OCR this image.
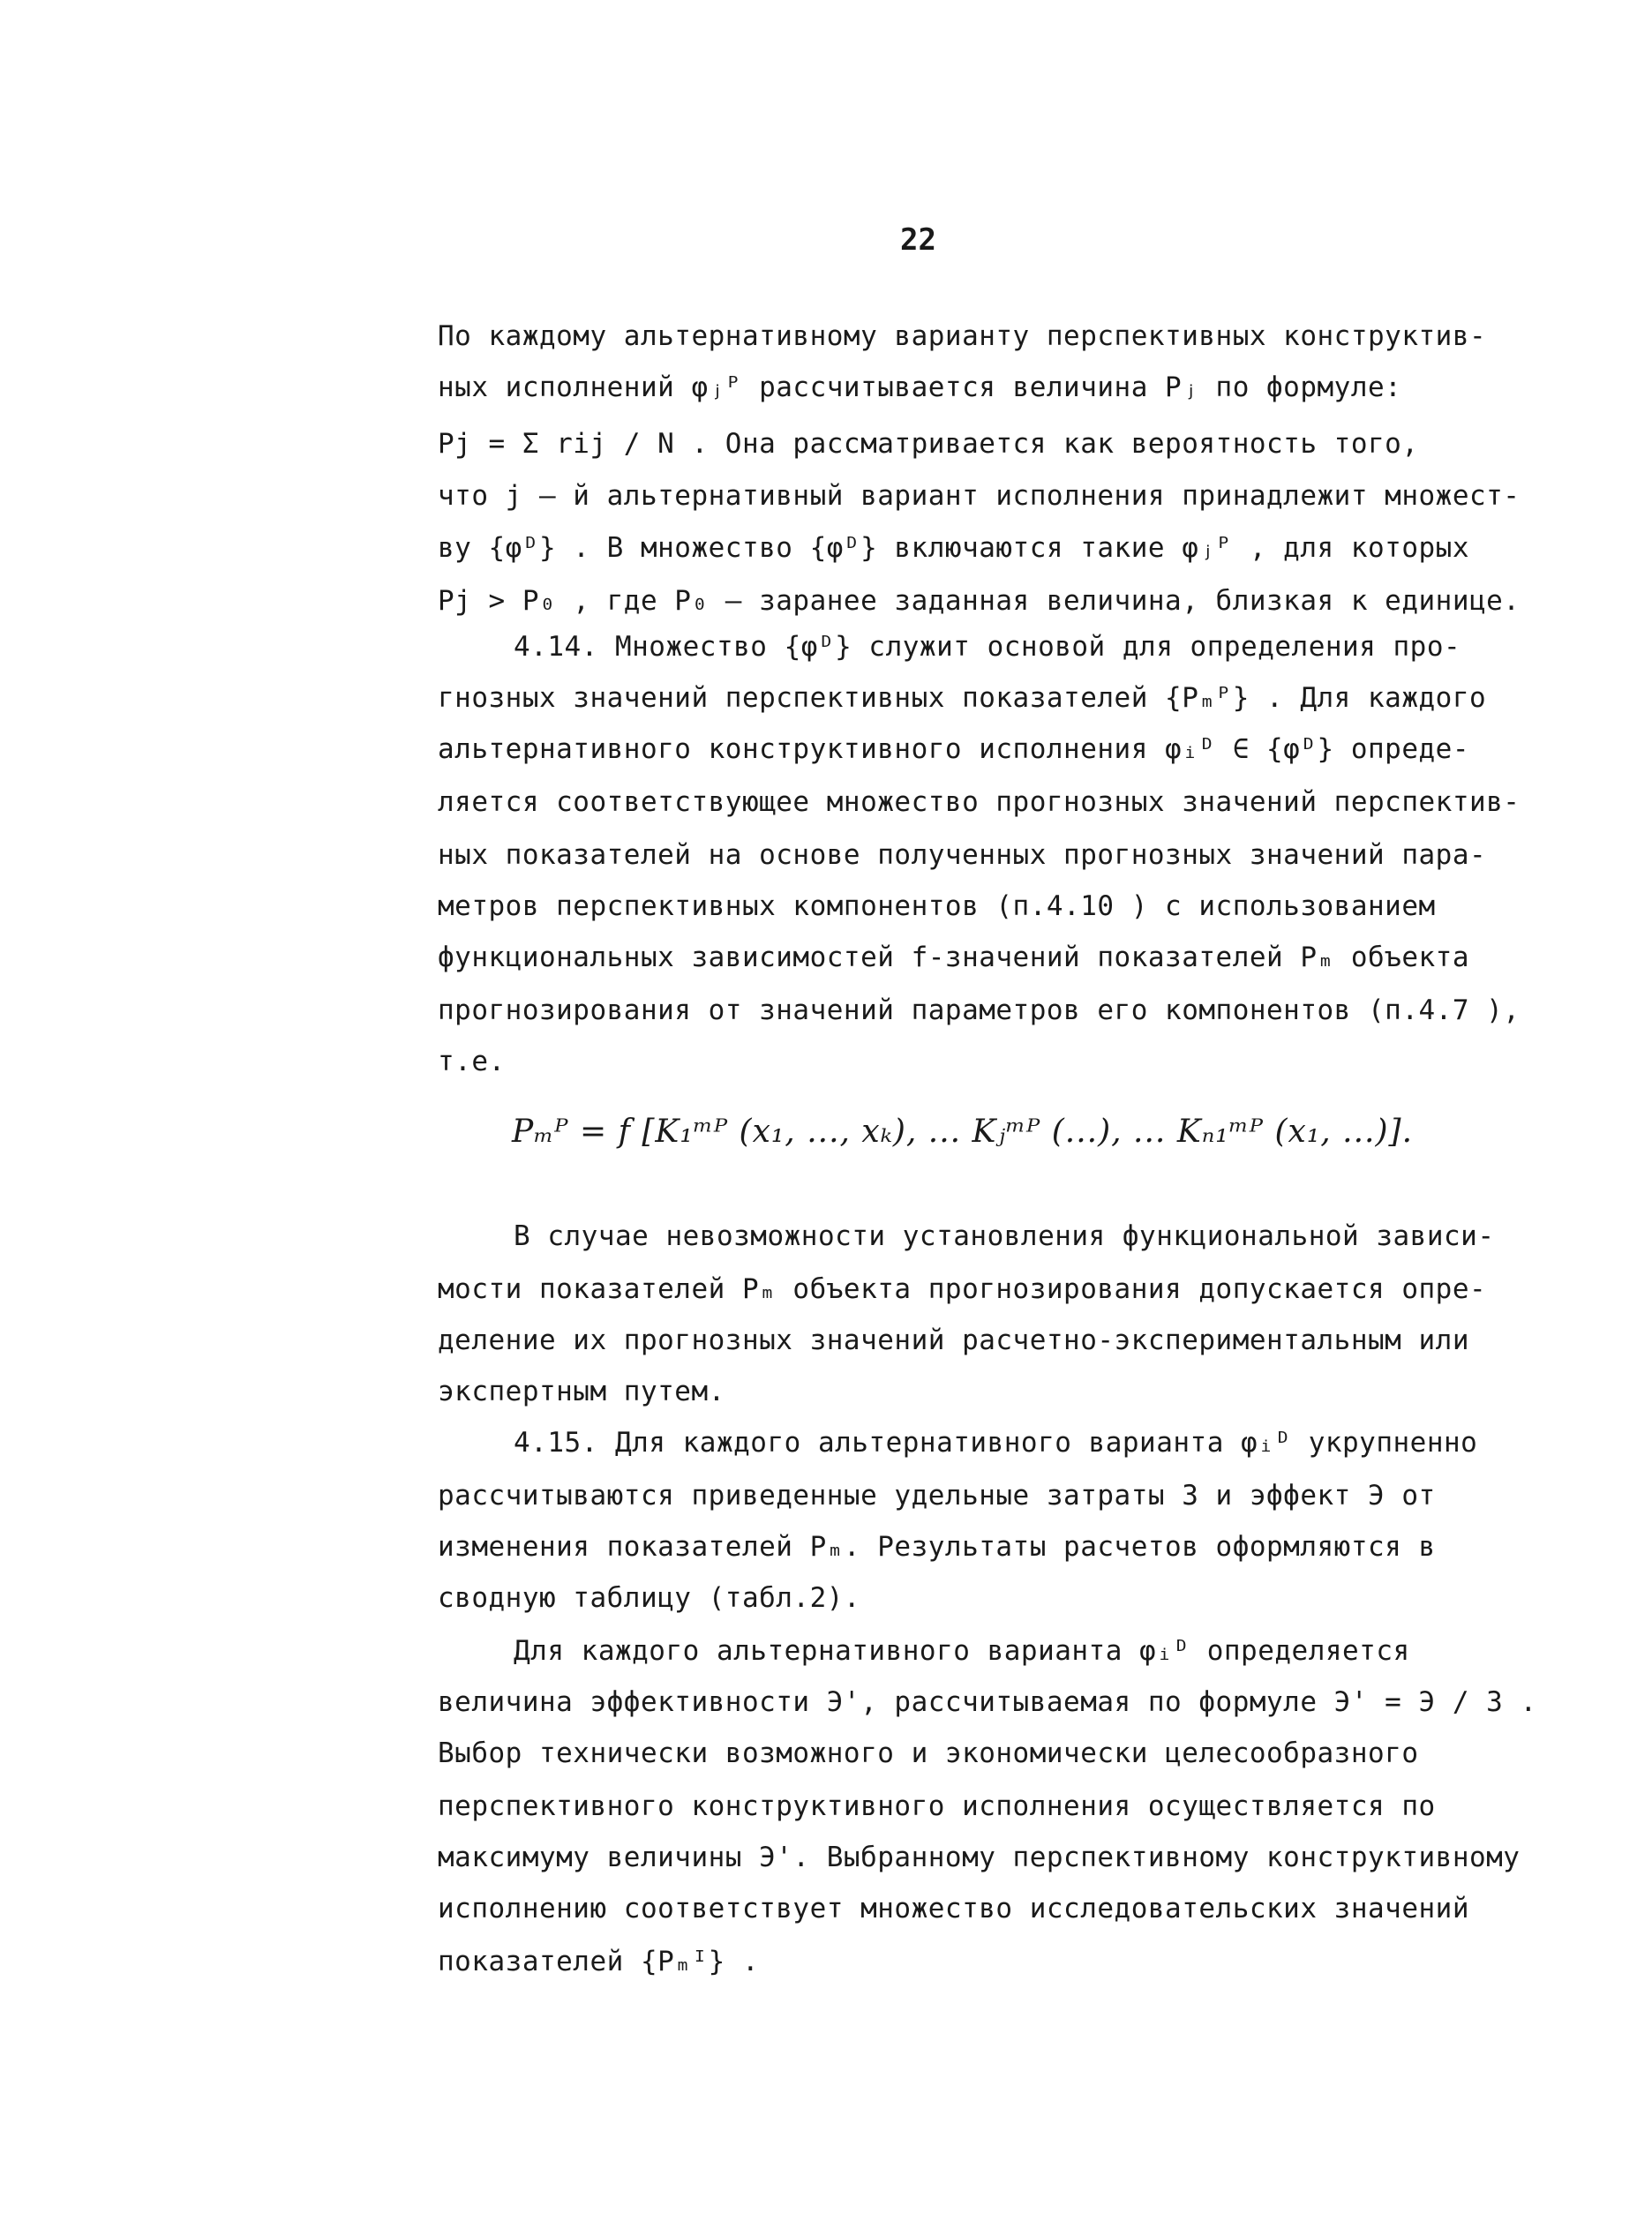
22
По каждому альтернативному варианту перспективных конструктив-
ных исполнений φⱼᴾ рассчитывается величина Pⱼ по формуле:
Pj = Σ rij / N . Она рассматривается как вероятность того,
что j – й альтернативный вариант исполнения принадлежит множест-
ву {φᴰ} . В множество {φᴰ} включаются такие φⱼᴾ , для которых
Pj > P₀ , где P₀ – заранее заданная величина, близкая к единице.
4.14. Множество {φᴰ} служит основой для определения про-
гнозных значений перспективных показателей {Pₘᴾ} . Для каждого
альтернативного конструктивного исполнения φᵢᴰ ∈ {φᴰ} опреде-
ляется соответствующее множество прогнозных значений перспектив-
ных показателей на основе полученных прогнозных значений пара-
метров перспективных компонентов (п.4.10 ) с использованием
функциональных зависимостей f-значений показателей Pₘ объекта
прогнозирования от значений параметров его компонентов (п.4.7 ),
т.е.
Pₘᴾ = f [K₁ᵐᴾ (x₁, ..., xₖ), ... Kⱼᵐᴾ (...), ... Kₙ₁ᵐᴾ (x₁, ...)].
В случае невозможности установления функциональной зависи-
мости показателей Pₘ объекта прогнозирования допускается опре-
деление их прогнозных значений расчетно-экспериментальным или
экспертным путем.
4.15. Для каждого альтернативного варианта φᵢᴰ укрупненно
рассчитываются приведенные удельные затраты З и эффект Э от
изменения показателей Pₘ. Результаты расчетов оформляются в
сводную таблицу (табл.2).
Для каждого альтернативного варианта φᵢᴰ определяется
величина эффективности Э', рассчитываемая по формуле Э' = Э / З .
Выбор технически возможного и экономически целесообразного
перспективного конструктивного исполнения осуществляется по
максимуму величины Э'. Выбранному перспективному конструктивному
исполнению соответствует множество исследовательских значений
показателей {Pₘᴵ} .
